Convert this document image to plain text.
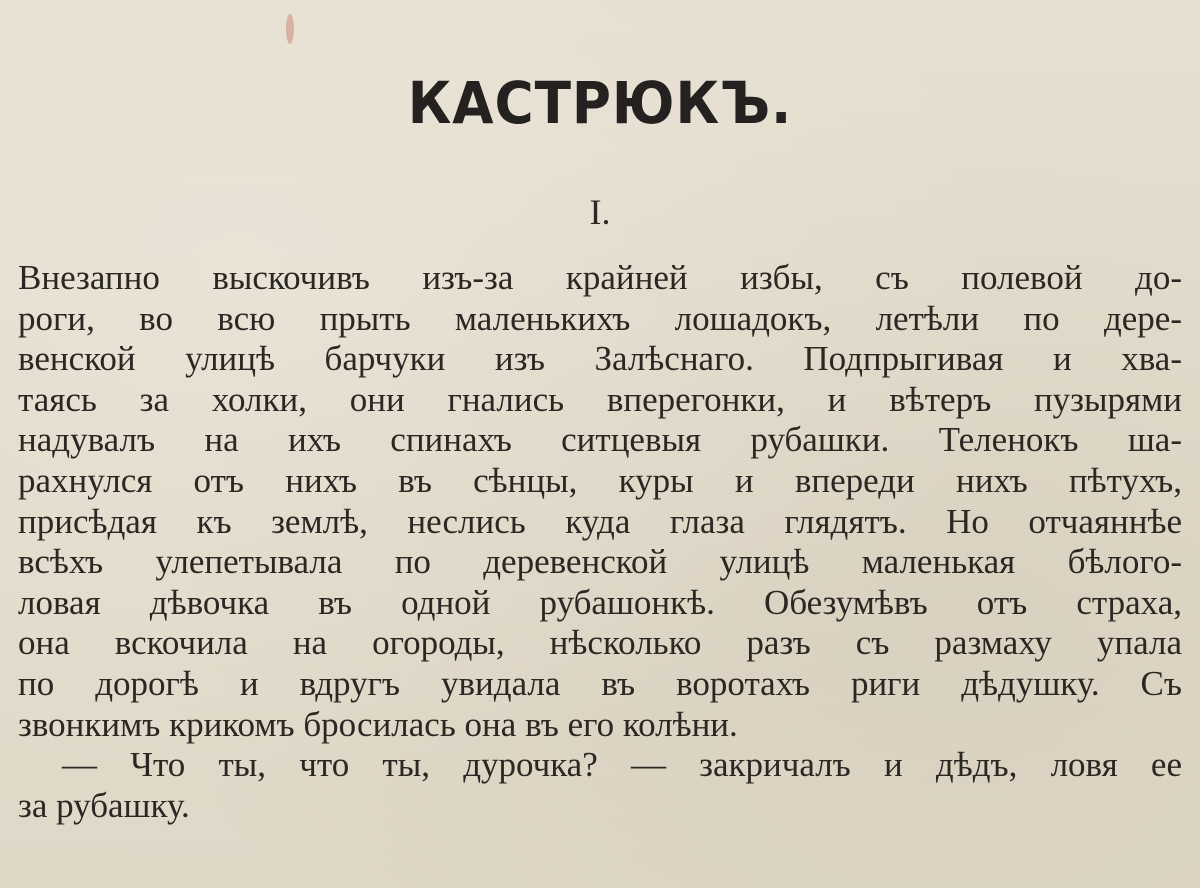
КАСТРЮКЪ.
I.
Внезапно выскочивъ изъ-за крайней избы, съ полевой до-
роги, во всю прыть маленькихъ лошадокъ, летѣли по дере-
венской улицѣ барчуки изъ Залѣснаго. Подпрыгивая и хва-
таясь за холки, они гнались вперегонки, и вѣтеръ пузырями
надувалъ на ихъ спинахъ ситцевыя рубашки. Теленокъ ша-
рахнулся отъ нихъ въ сѣнцы, куры и впереди нихъ пѣтухъ,
присѣдая къ землѣ, неслись куда глаза глядятъ. Но отчаяннѣе
всѣхъ улепетывала по деревенской улицѣ маленькая бѣлого-
ловая дѣвочка въ одной рубашонкѣ. Обезумѣвъ отъ страха,
она вскочила на огороды, нѣсколько разъ съ размаху упала
по дорогѣ и вдругъ увидала въ воротахъ риги дѣдушку. Съ
звонкимъ крикомъ бросилась она въ его колѣни.
— Что ты, что ты, дурочка? — закричалъ и дѣдъ, ловя ее
за рубашку.
